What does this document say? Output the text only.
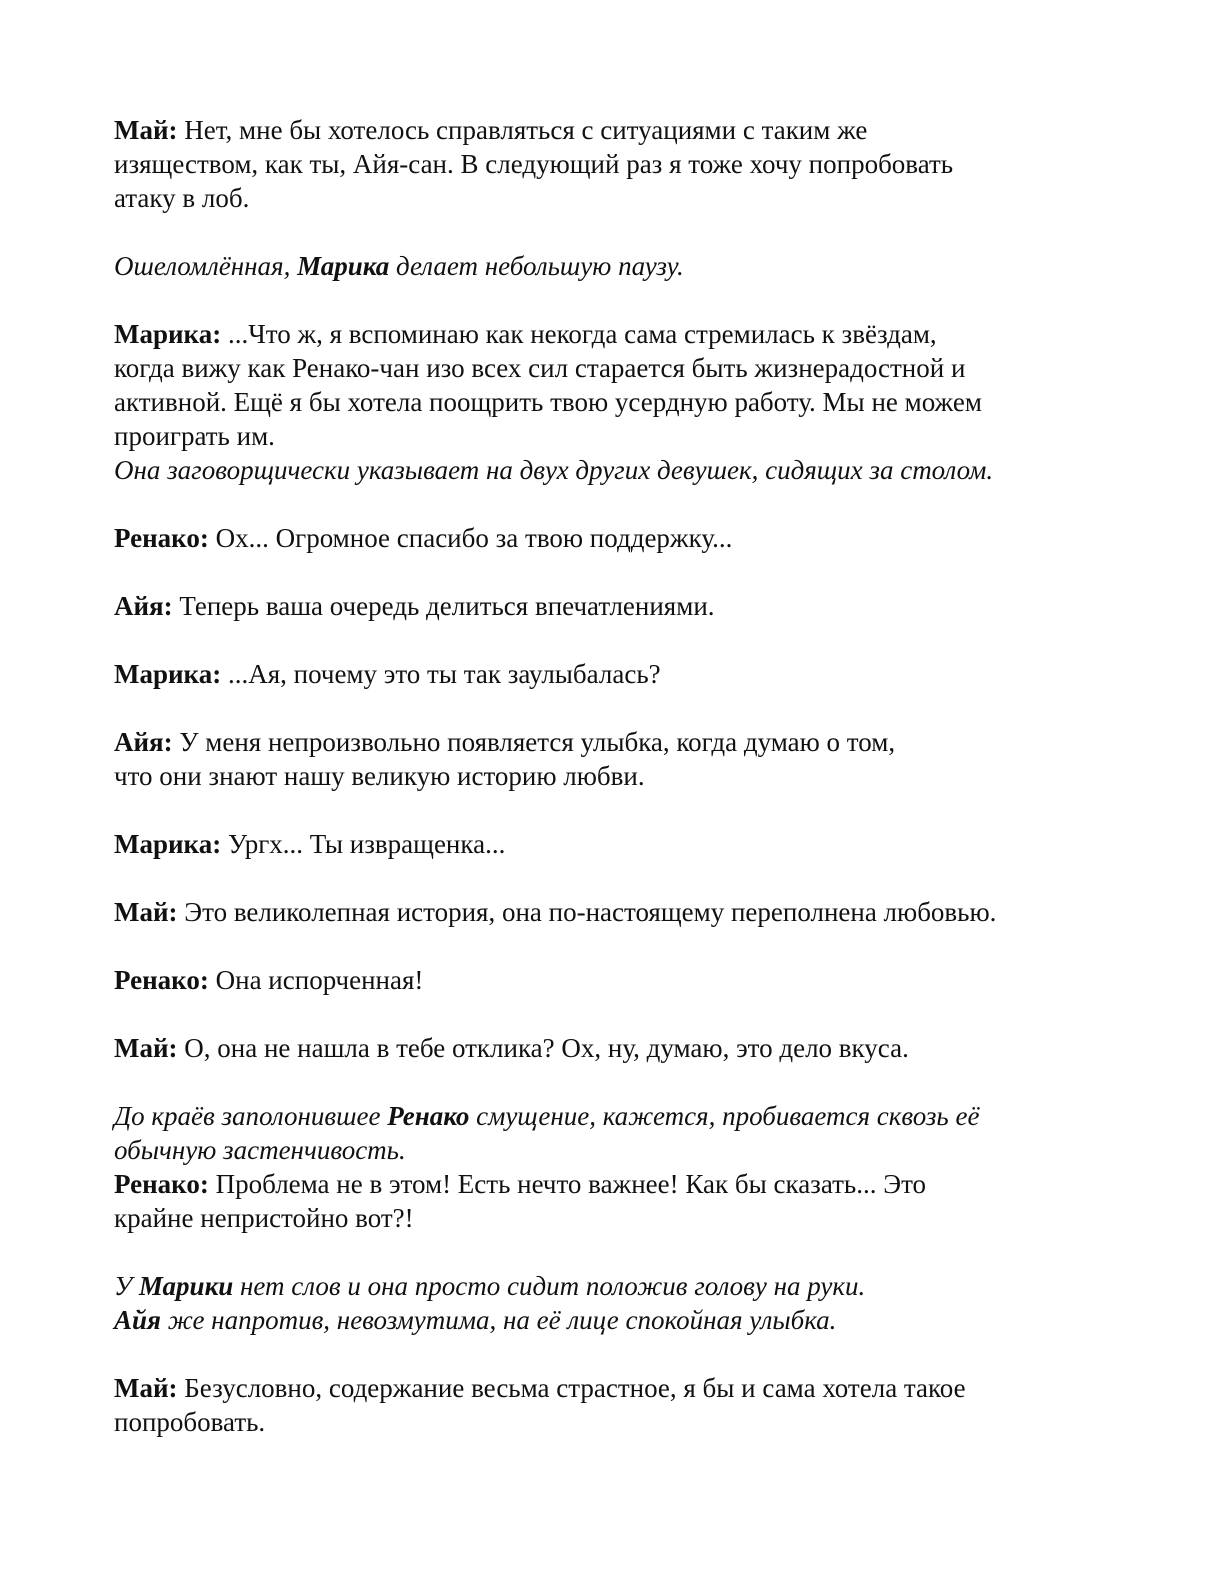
Май: Нет, мне бы хотелось справляться с ситуациями с таким же
изяществом, как ты, Айя-сан. В следующий раз я тоже хочу попробовать
атаку в лоб.
Ошеломлённая, Марика делает небольшую паузу.
Марика: ...Что ж, я вспоминаю как некогда сама стремилась к звёздам,
когда вижу как Ренако-чан изо всех сил старается быть жизнерадостной и
активной. Ещё я бы хотела поощрить твою усердную работу. Мы не можем
проиграть им.
Она заговорщически указывает на двух других девушек, сидящих за столом.
Ренако: Ох... Огромное спасибо за твою поддержку...
Айя: Теперь ваша очередь делиться впечатлениями.
Марика: ...Ая, почему это ты так заулыбалась?
Айя: У меня непроизвольно появляется улыбка, когда думаю о том,
что они знают нашу великую историю любви.
Марика: Ургх... Ты извращенка...
Май: Это великолепная история, она по-настоящему переполнена любовью.
Ренако: Она испорченная!
Май: О, она не нашла в тебе отклика? Ох, ну, думаю, это дело вкуса.
До краёв заполонившее Ренако смущение, кажется, пробивается сквозь её
обычную застенчивость.
Ренако: Проблема не в этом! Есть нечто важнее! Как бы сказать... Это
крайне непристойно вот?!
У Марики нет слов и она просто сидит положив голову на руки.
Айя же напротив, невозмутима, на её лице спокойная улыбка.
Май: Безусловно, содержание весьма страстное, я бы и сама хотела такое
попробовать.
